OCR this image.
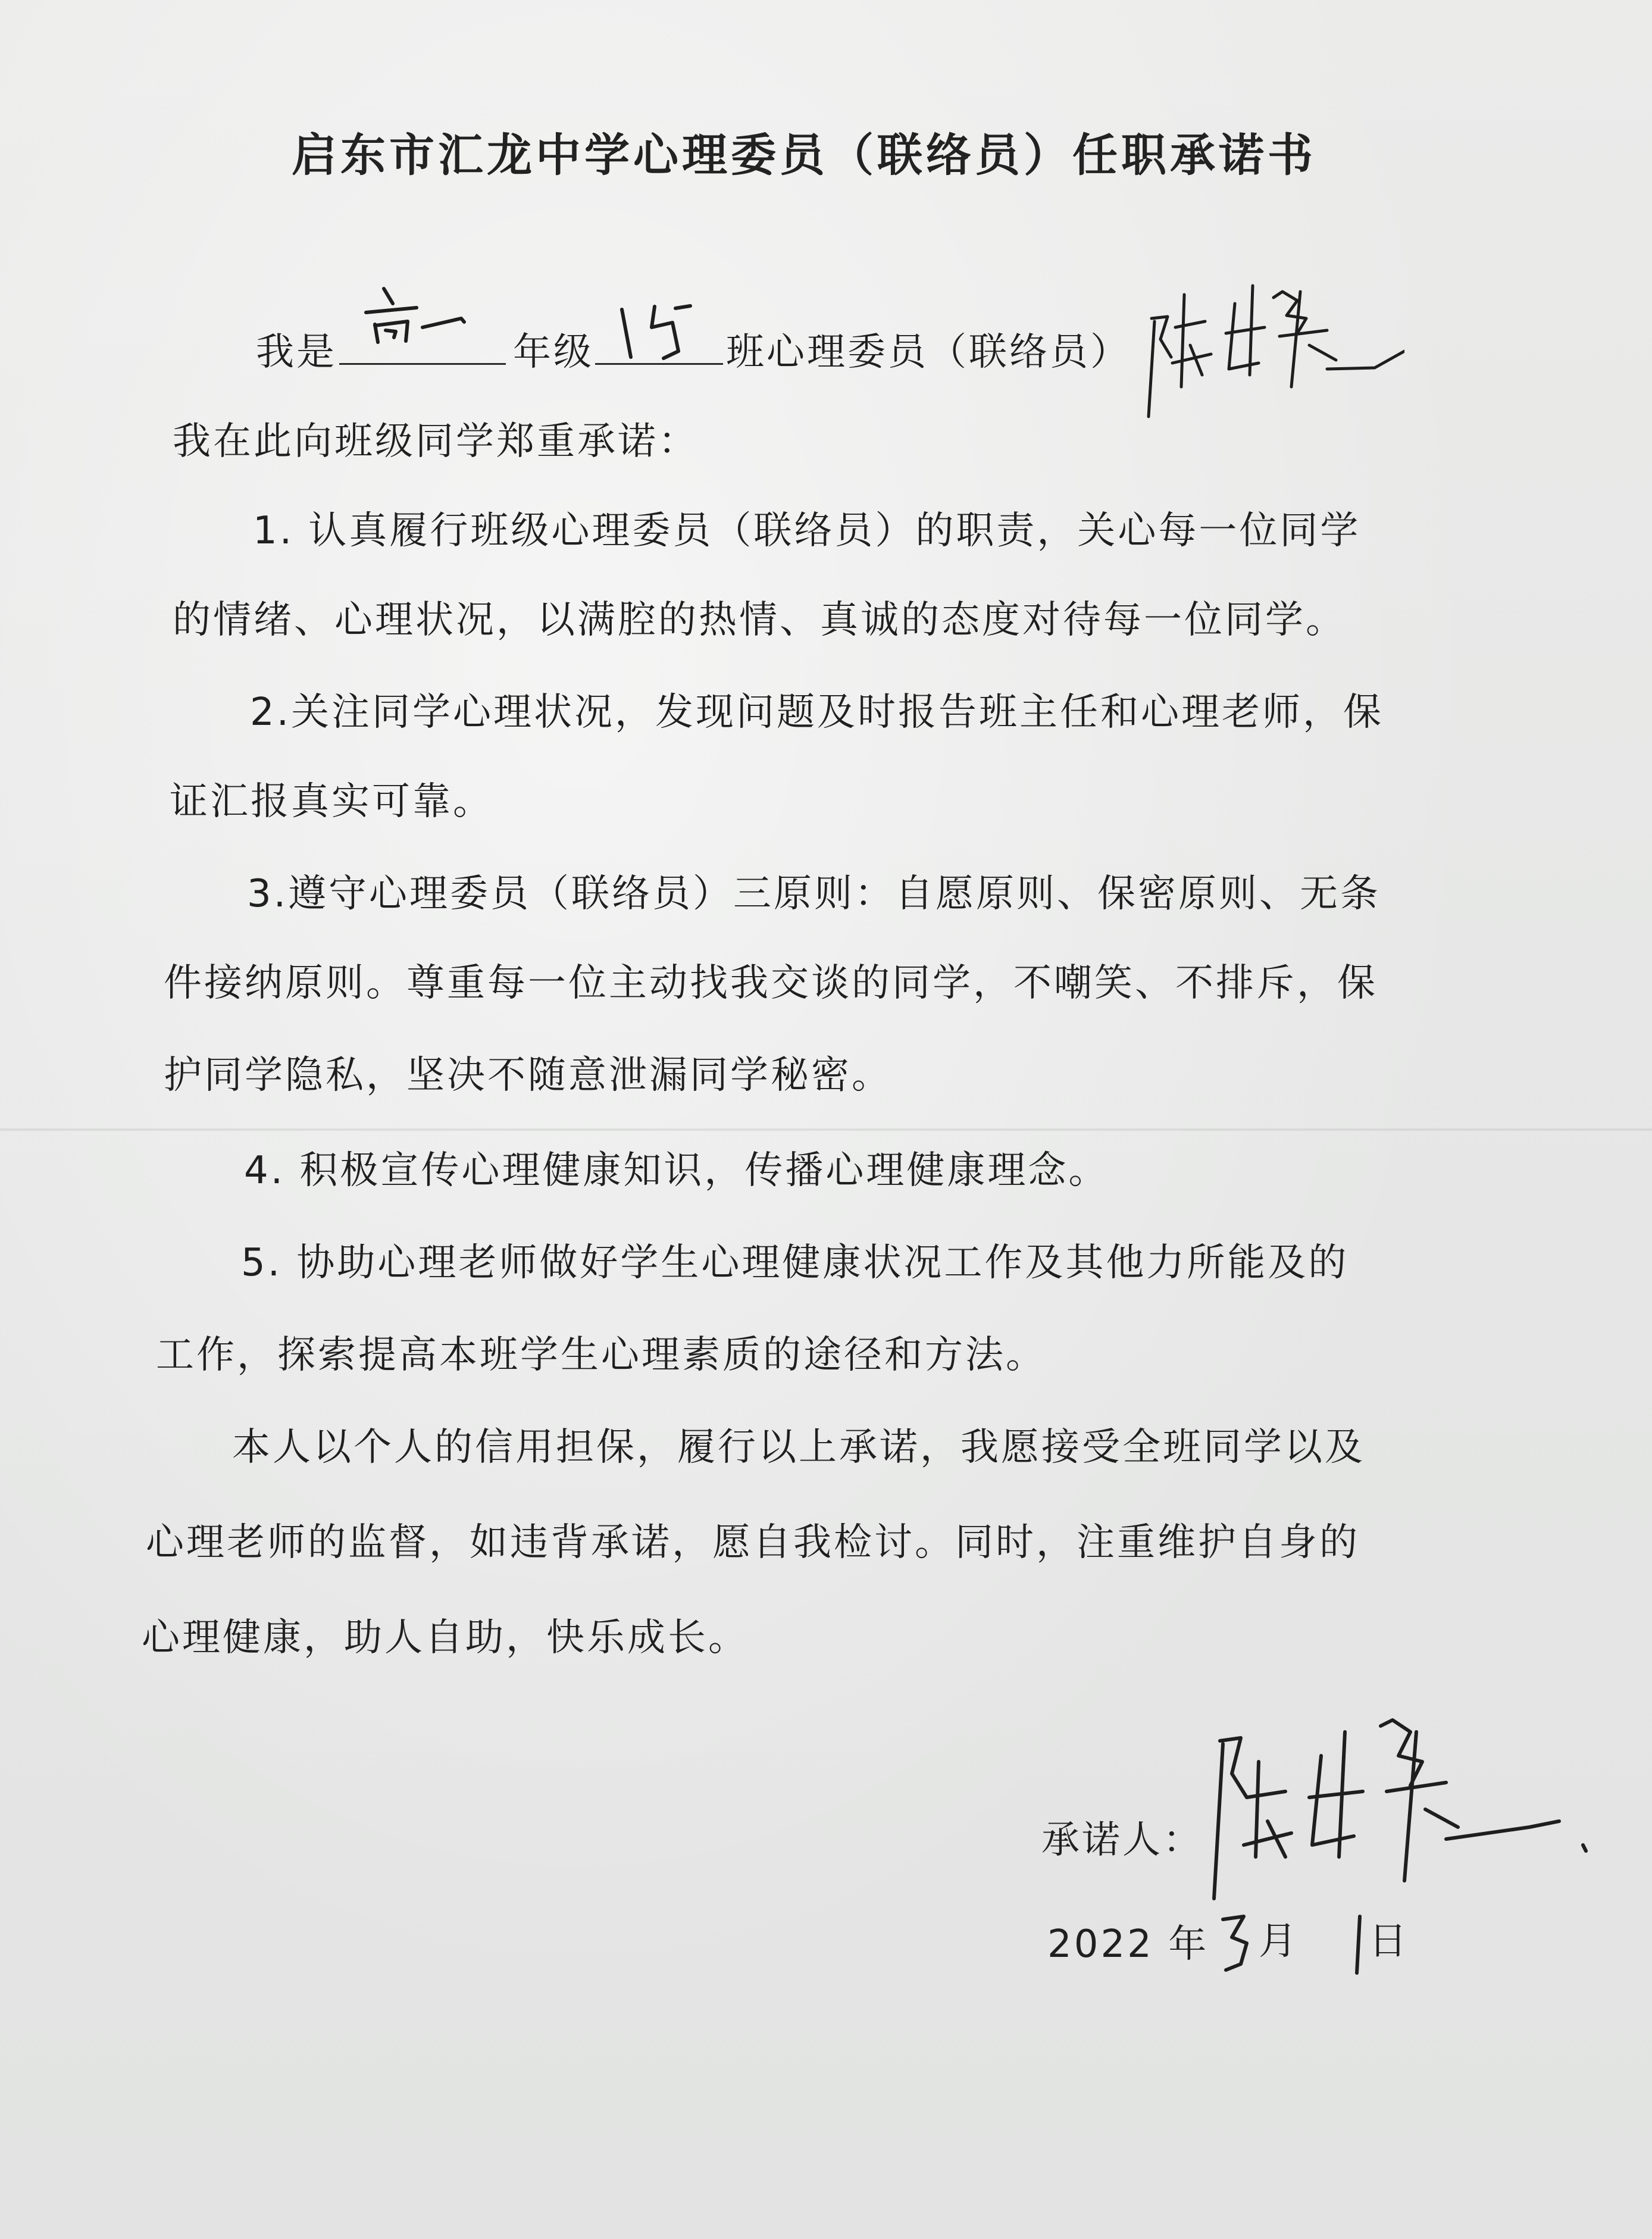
启东市汇龙中学心理委员（联络员）任职承诺书
我是	年级	班心理委员（联络员）
我在此向班级同学郑重承诺：
1. 认真履行班级心理委员（联络员）的职责，关心每一位同学
的情绪、心理状况，以满腔的热情、真诚的态度对待每一位同学。
2.关注同学心理状况，发现问题及时报告班主任和心理老师，保
证汇报真实可靠。
3.遵守心理委员（联络员）三原则：自愿原则、保密原则、无条
件接纳原则。尊重每一位主动找我交谈的同学，不嘲笑、不排斥，保
护同学隐私，坚决不随意泄漏同学秘密。
4. 积极宣传心理健康知识，传播心理健康理念。
5. 协助心理老师做好学生心理健康状况工作及其他力所能及的
工作，探索提高本班学生心理素质的途径和方法。
本人以个人的信用担保，履行以上承诺，我愿接受全班同学以及
心理老师的监督，如违背承诺，愿自我检讨。同时，注重维护自身的
心理健康，助人自助，快乐成长。
承诺人：
2022 年 月 日
